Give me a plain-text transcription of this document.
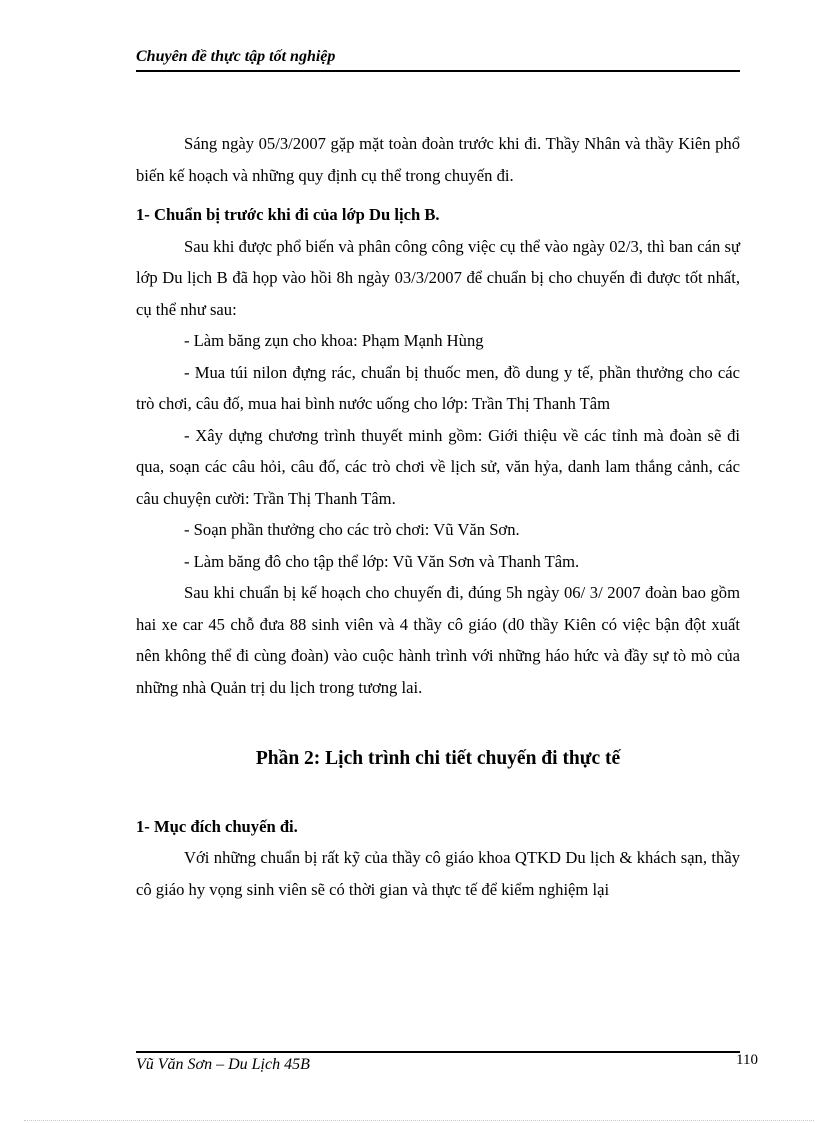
Chuyên đề thực tập tốt nghiệp

Sáng ngày 05/3/2007 gặp mặt toàn đoàn trước khi đi. Thầy Nhân và thầy Kiên phổ biến kế hoạch và những quy định cụ thể trong chuyến đi.

1- Chuẩn bị trước khi đi của lớp Du lịch B.

Sau khi được phổ biến và phân công công việc cụ thể vào ngày 02/3, thì ban cán sự lớp Du lịch B đã họp vào hồi 8h ngày 03/3/2007 để chuẩn bị cho chuyến đi được tốt nhất, cụ thể như sau:

- Làm băng zụn cho khoa: Phạm Mạnh Hùng

- Mua túi nilon đựng rác, chuẩn bị thuốc men, đồ dung y tế, phần thưởng cho các trò chơi, câu đố, mua hai bình nước uống cho lớp: Trần Thị Thanh Tâm

- Xây dựng chương trình thuyết minh gồm: Giới thiệu về các tỉnh mà đoàn sẽ đi qua, soạn các câu hỏi, câu đố, các trò chơi về lịch sử, văn hỷa, danh lam thắng cảnh, các câu chuyện cười: Trần Thị Thanh Tâm.

- Soạn phần thưởng cho các trò chơi: Vũ Văn Sơn.

- Làm băng đô cho tập thể lớp: Vũ Văn Sơn và Thanh Tâm.

Sau khi chuẩn bị kế hoạch cho chuyến đi, đúng 5h ngày 06/ 3/ 2007 đoàn bao gồm hai xe car 45 chỗ đưa 88 sinh viên và 4 thầy cô giáo (d0 thầy Kiên có việc bận đột xuất nên không thể đi cùng đoàn) vào cuộc hành trình với những háo hức và đầy sự tò mò của những nhà Quản trị du lịch trong tương lai.

Phần 2: Lịch trình chi tiết chuyến đi thực tế

1- Mục đích chuyến đi.

Với những chuẩn bị rất kỹ của thầy cô giáo khoa QTKD Du lịch & khách sạn, thầy cô giáo hy vọng sinh viên sẽ có thời gian và thực tế để kiểm nghiệm lại

Vũ Văn Sơn – Du Lịch 45B	110
